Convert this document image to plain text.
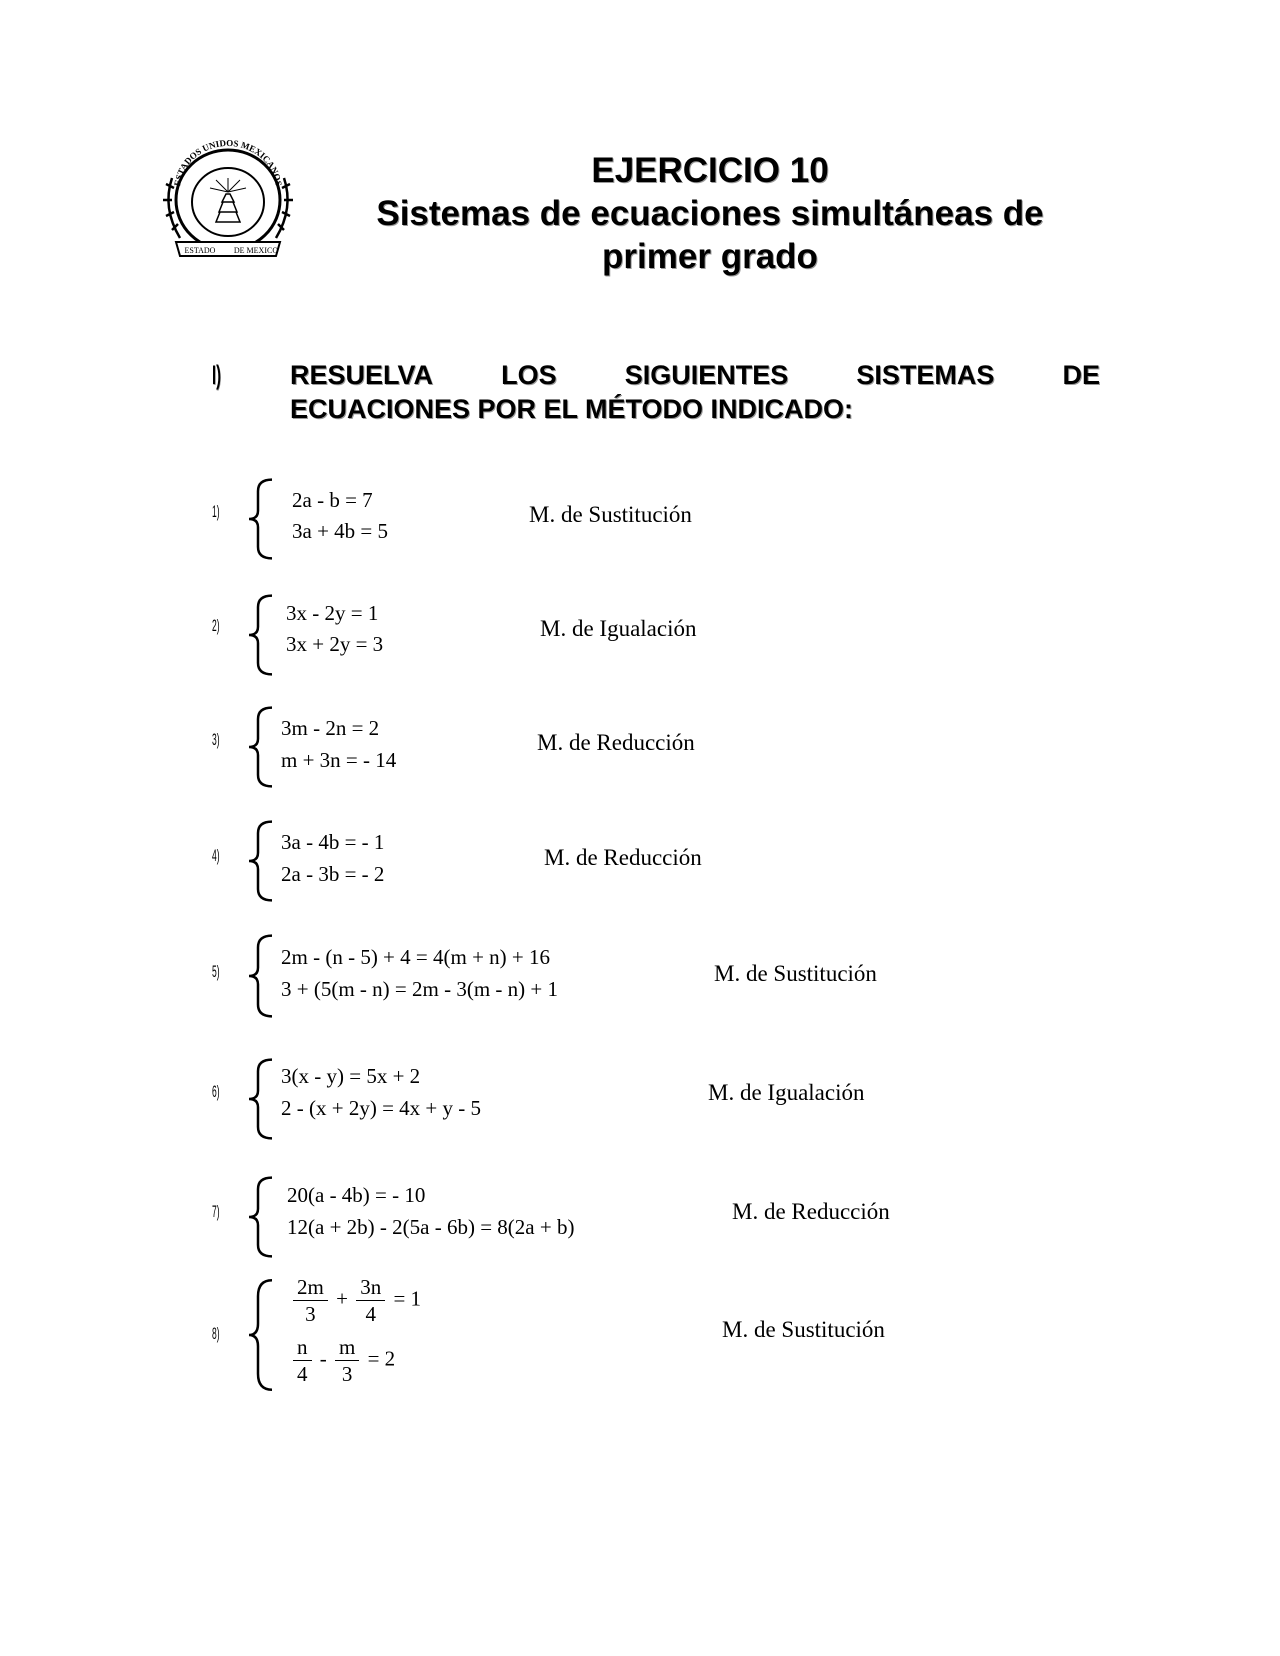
ESTADOS UNIDOS MEXICANOS
ESTADO DE MEXICO
EJERCICIO 10
Sistemas de ecuaciones simultáneas de
primer grado
I)	RESUELVA	LOS	SIGUIENTES	SISTEMAS	DE
ECUACIONES POR EL MÉTODO INDICADO:
1)	2a - b = 7
3a + 4b = 5
M. de Sustitución
2)
3x - 2y = 1
3x + 2y = 3
M. de Igualación
3)	3m - 2n = 2
m + 3n = - 14
M. de Reducción
4)
3a - 4b = - 1
2a - 3b = - 2
M. de Reducción
5)
2m - (n - 5) + 4 = 4(m + n) + 16
3 + (5(m - n) = 2m - 3(m - n) + 1
M. de Sustitución
6)
3(x - y) = 5x + 2
2 - (x + 2y) = 4x + y - 5
M. de Igualación
7)
20(a - 4b) = - 10
12(a + 2b) - 2(5a - 6b) = 8(2a + b)
M. de Reducción
8)
$\frac{2m}{3} + \frac{3n}{4} = 1$
$\frac{n}{4} - \frac{m}{3} = 2$
M. de Sustitución
